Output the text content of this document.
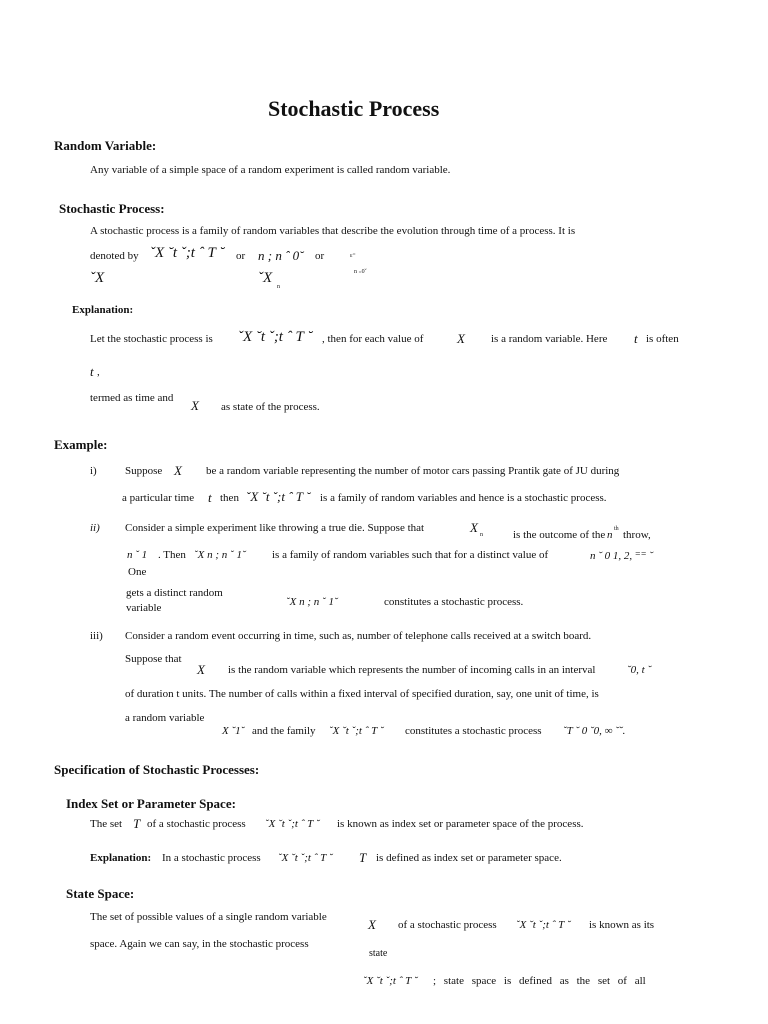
Stochastic Process
Random Variable:
Any variable of a simple space of a random experiment is called random variable.
Stochastic Process:
A stochastic process is a family of random variables that describe the evolution through time of a process. It is
denoted by ˇX ˘t ˇ;t ˆ T ˘ or n ; n ˆ 0˘ or	ε⁼
ˇX	ˇX
n
n ₌0˘
Explanation:
Let the stochastic process is ˇX ˘t ˇ;t ˆ T ˘ , then for each value of	X is a random variable. Here t is often
t ,
termed as time and X as state of the process.
Example:
i)	Suppose X be a random variable representing the number of motor cars passing Prantik gate of JU during
a particular time t then ˇX ˘t ˇ;t ˆ T ˘ is a family of random variables and hence is a stochastic process.
ii) Consider a simple experiment like throwing a true die. Suppose that	X n	is the outcome of the n th throw,
n ˇ 1 . Then ˇX n ; n ˇ 1˘ is a family of random variables such that for a distinct value of	n ˘ 0 1, 2, ⁼⁼ ˘
One
gets a distinct random
variable	ˇX n ; n ˇ 1˘	constitutes a stochastic process.
iii) Consider a random event occurring in time, such as, number of telephone calls received at a switch board.
Suppose that
X is the random variable which represents the number of incoming calls in an interval	˘0, t ˘
of duration t units. The number of calls within a fixed interval of specified duration, say, one unit of time, is
a random variable
X ˘1˘ and the family ˇX ˘t ˇ;t ˆ T ˘ constitutes a stochastic process ˇT ˘ 0 ˘0, ∞ ˘˘.
Specification of Stochastic Processes:
Index Set or Parameter Space:
The set T of a stochastic process ˇX ˘t ˇ;t ˆ T ˘ is known as index set or parameter space of the process.
Explanation: In a stochastic process ˇX ˘t ˇ;t ˆ T ˘ T is defined as index set or parameter space.
State Space:
The set of possible values of a single random variable	X of a stochastic process ˇX ˘t ˇ;t ˆ T ˘ is known as its
space. Again we can say, in the stochastic process
state
ˇX ˘t ˇ;t ˆ T ˘ ; state space is defined as the set of all
